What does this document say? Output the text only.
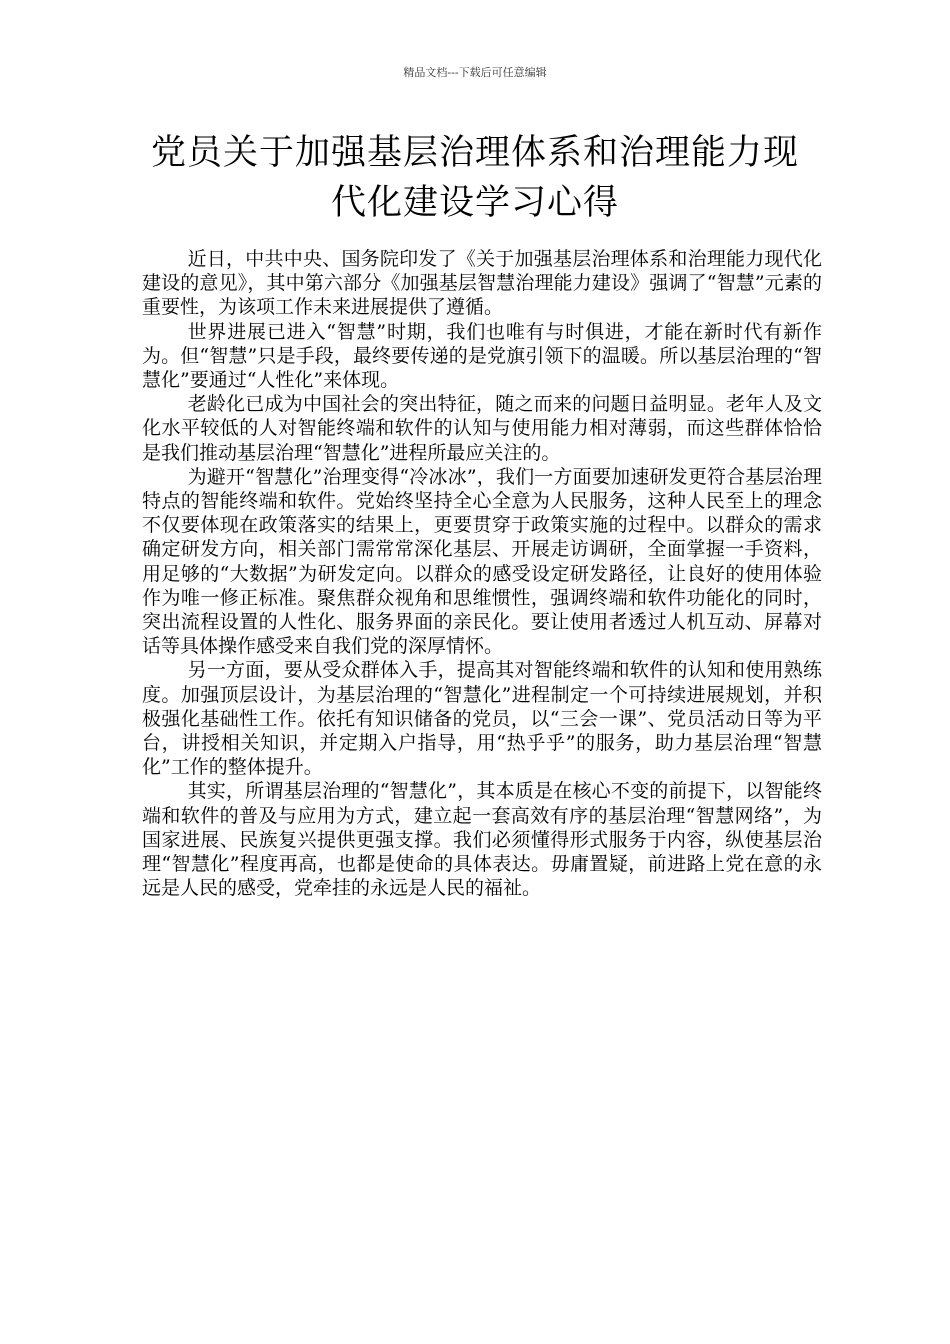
精品文档---下载后可任意编辑
党员关于加强基层治理体系和治理能力现
代化建设学习心得

近日，中共中央、国务院印发了《关于加强基层治理体系和治理能力现代化建设的意见》，其中第六部分《加强基层智慧治理能力建设》强调了“智慧”元素的重要性，为该项工作未来进展提供了遵循。

世界进展已进入“智慧”时期，我们也唯有与时俱进，才能在新时代有新作为。但“智慧”只是手段，最终要传递的是党旗引领下的温暖。所以基层治理的“智慧化”要通过“人性化”来体现。

老龄化已成为中国社会的突出特征，随之而来的问题日益明显。老年人及文化水平较低的人对智能终端和软件的认知与使用能力相对薄弱，而这些群体恰恰是我们推动基层治理“智慧化”进程所最应关注的。

为避开“智慧化”治理变得“冷冰冰”，我们一方面要加速研发更符合基层治理特点的智能终端和软件。党始终坚持全心全意为人民服务，这种人民至上的理念不仅要体现在政策落实的结果上，更要贯穿于政策实施的过程中。以群众的需求确定研发方向，相关部门需常常深化基层、开展走访调研，全面掌握一手资料，用足够的“大数据”为研发定向。以群众的感受设定研发路径，让良好的使用体验作为唯一修正标准。聚焦群众视角和思维惯性，强调终端和软件功能化的同时，突出流程设置的人性化、服务界面的亲民化。要让使用者透过人机互动、屏幕对话等具体操作感受来自我们党的深厚情怀。

另一方面，要从受众群体入手，提高其对智能终端和软件的认知和使用熟练度。加强顶层设计，为基层治理的“智慧化”进程制定一个可持续进展规划，并积极强化基础性工作。依托有知识储备的党员，以“三会一课”、党员活动日等为平台，讲授相关知识，并定期入户指导，用“热乎乎”的服务，助力基层治理“智慧化”工作的整体提升。

其实，所谓基层治理的“智慧化”，其本质是在核心不变的前提下，以智能终端和软件的普及与应用为方式，建立起一套高效有序的基层治理“智慧网络”，为国家进展、民族复兴提供更强支撑。我们必须懂得形式服务于内容，纵使基层治理“智慧化”程度再高，也都是使命的具体表达。毋庸置疑，前进路上党在意的永远是人民的感受，党牵挂的永远是人民的福祉。
